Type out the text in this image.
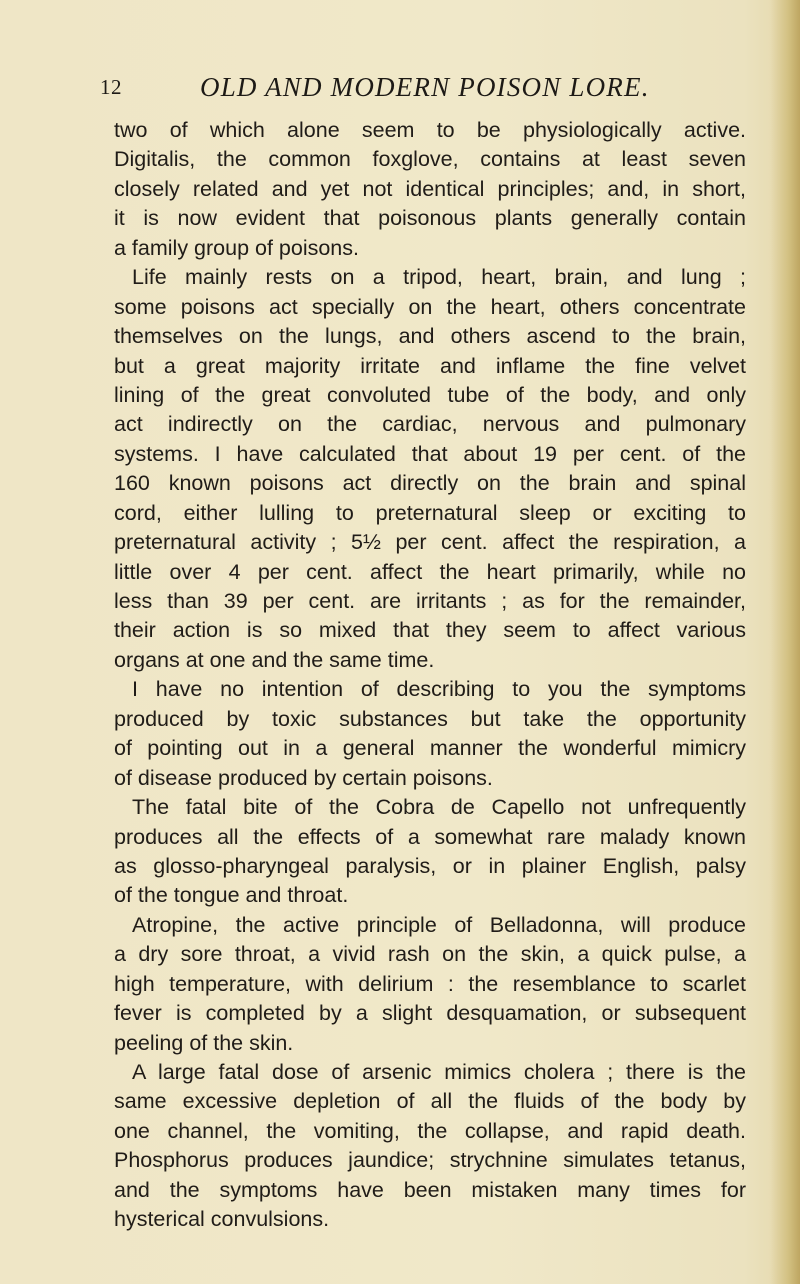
12	OLD AND MODERN POISON LORE.
two of which alone seem to be physiologically active.
Digitalis, the common foxglove, contains at least seven
closely related and yet not identical principles; and, in short,
it is now evident that poisonous plants generally contain
a family group of poisons.
Life mainly rests on a tripod, heart, brain, and lung ;
some poisons act specially on the heart, others concentrate
themselves on the lungs, and others ascend to the brain,
but a great majority irritate and inflame the fine velvet
lining of the great convoluted tube of the body, and only
act indirectly on the cardiac, nervous and pulmonary
systems. I have calculated that about 19 per cent. of the
160 known poisons act directly on the brain and spinal
cord, either lulling to preternatural sleep or exciting to
preternatural activity ; 5½ per cent. affect the respiration, a
little over 4 per cent. affect the heart primarily, while no
less than 39 per cent. are irritants ; as for the remainder,
their action is so mixed that they seem to affect various
organs at one and the same time.
I have no intention of describing to you the symptoms
produced by toxic substances but take the opportunity
of pointing out in a general manner the wonderful mimicry
of disease produced by certain poisons.
The fatal bite of the Cobra de Capello not unfrequently
produces all the effects of a somewhat rare malady known
as glosso-pharyngeal paralysis, or in plainer English, palsy
of the tongue and throat.
Atropine, the active principle of Belladonna, will produce
a dry sore throat, a vivid rash on the skin, a quick pulse, a
high temperature, with delirium : the resemblance to scarlet
fever is completed by a slight desquamation, or subsequent
peeling of the skin.
A large fatal dose of arsenic mimics cholera ; there is the
same excessive depletion of all the fluids of the body by
one channel, the vomiting, the collapse, and rapid death.
Phosphorus produces jaundice; strychnine simulates tetanus,
and the symptoms have been mistaken many times for
hysterical convulsions.
